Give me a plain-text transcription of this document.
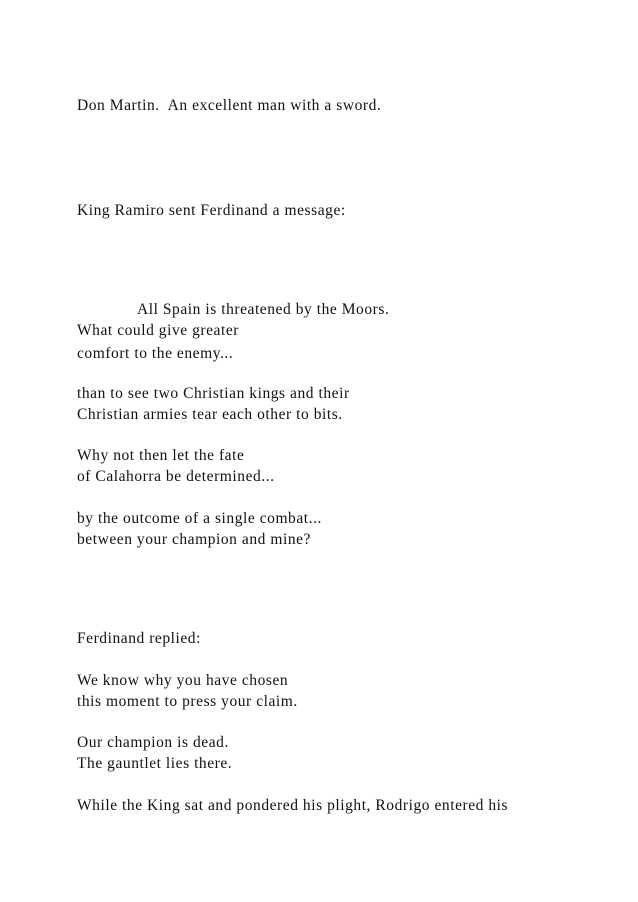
Don Martin.  An excellent man with a sword.

King Ramiro sent Ferdinand a message:

All Spain is threatened by the Moors.

What could give greater

comfort to the enemy...

than to see two Christian kings and their

Christian armies tear each other to bits.

Why not then let the fate

of Calahorra be determined...

by the outcome of a single combat...

between your champion and mine?

Ferdinand replied:

We know why you have chosen

this moment to press your claim.

Our champion is dead.

The gauntlet lies there.

While the King sat and pondered his plight, Rodrigo entered his
